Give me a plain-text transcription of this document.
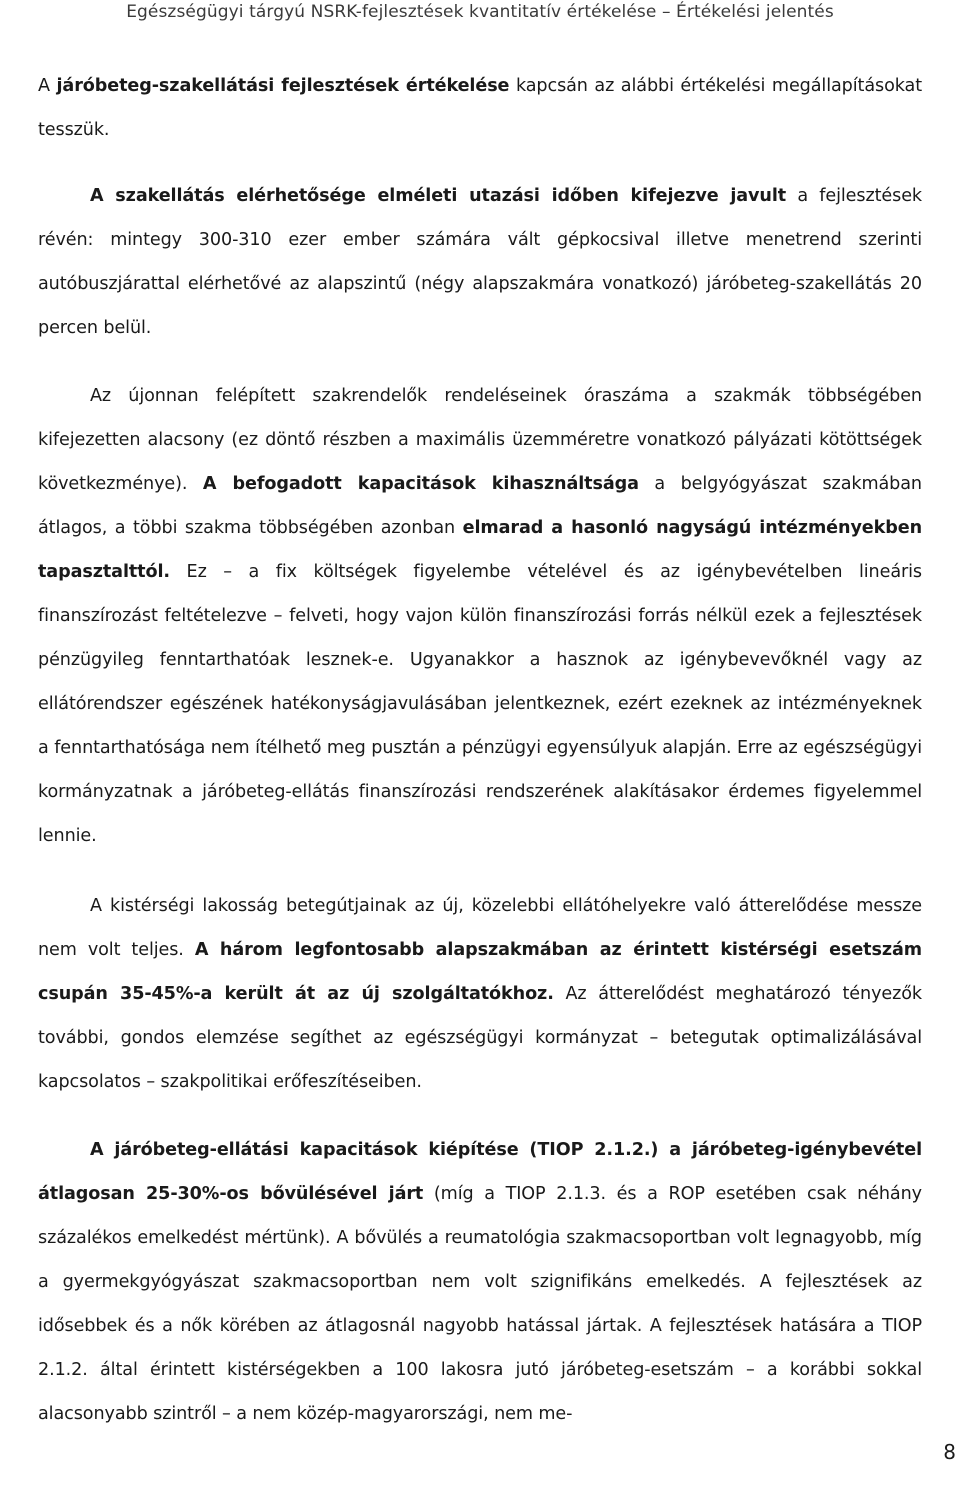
Egészségügyi tárgyú NSRK-fejlesztések kvantitatív értékelése – Értékelési jelentés

A járóbeteg-szakellátási fejlesztések értékelése kapcsán az alábbi értékelési megállapításokat tesszük.

A szakellátás elérhetősége elméleti utazási időben kifejezve javult a fejlesztések révén: mintegy 300-310 ezer ember számára vált gépkocsival illetve menetrend szerinti autóbuszjárattal elérhetővé az alapszintű (négy alapszakmára vonatkozó) járóbeteg-szakellátás 20 percen belül.

Az újonnan felépített szakrendelők rendeléseinek óraszáma a szakmák többségében kifejezetten alacsony (ez döntő részben a maximális üzemméretre vonatkozó pályázati kötöttségek következménye). A befogadott kapacitások kihasználtsága a belgyógyászat szakmában átlagos, a többi szakma többségében azonban elmarad a hasonló nagyságú intézményekben tapasztalttól. Ez – a fix költségek figyelembe vételével és az igénybevételben lineáris finanszírozást feltételezve – felveti, hogy vajon külön finanszírozási forrás nélkül ezek a fejlesztések pénzügyileg fenntarthatóak lesznek-e. Ugyanakkor a hasznok az igénybevevőknél vagy az ellátórendszer egészének hatékonyságjavulásában jelentkeznek, ezért ezeknek az intézményeknek a fenntarthatósága nem ítélhető meg pusztán a pénzügyi egyensúlyuk alapján. Erre az egészségügyi kormányzatnak a járóbeteg-ellátás finanszírozási rendszerének alakításakor érdemes figyelemmel lennie.

A kistérségi lakosság betegútjainak az új, közelebbi ellátóhelyekre való átterelődése messze nem volt teljes. A három legfontosabb alapszakmában az érintett kistérségi esetszám csupán 35-45%-a került át az új szolgáltatókhoz. Az átterelődést meghatározó tényezők további, gondos elemzése segíthet az egészségügyi kormányzat – betegutak optimalizálásával kapcsolatos – szakpolitikai erőfeszítéseiben.

A járóbeteg-ellátási kapacitások kiépítése (TIOP 2.1.2.) a járóbeteg-igénybevétel átlagosan 25-30%-os bővülésével járt (míg a TIOP 2.1.3. és a ROP esetében csak néhány százalékos emelkedést mértünk). A bővülés a reumatológia szakmacsoportban volt legnagyobb, míg a gyermekgyógyászat szakmacsoportban nem volt szignifikáns emelkedés. A fejlesztések az idősebbek és a nők körében az átlagosnál nagyobb hatással jártak. A fejlesztések hatására a TIOP 2.1.2. által érintett kistérségekben a 100 lakosra jutó járóbeteg-esetszám – a korábbi sokkal alacsonyabb szintről – a nem közép-magyarországi, nem me-

8
